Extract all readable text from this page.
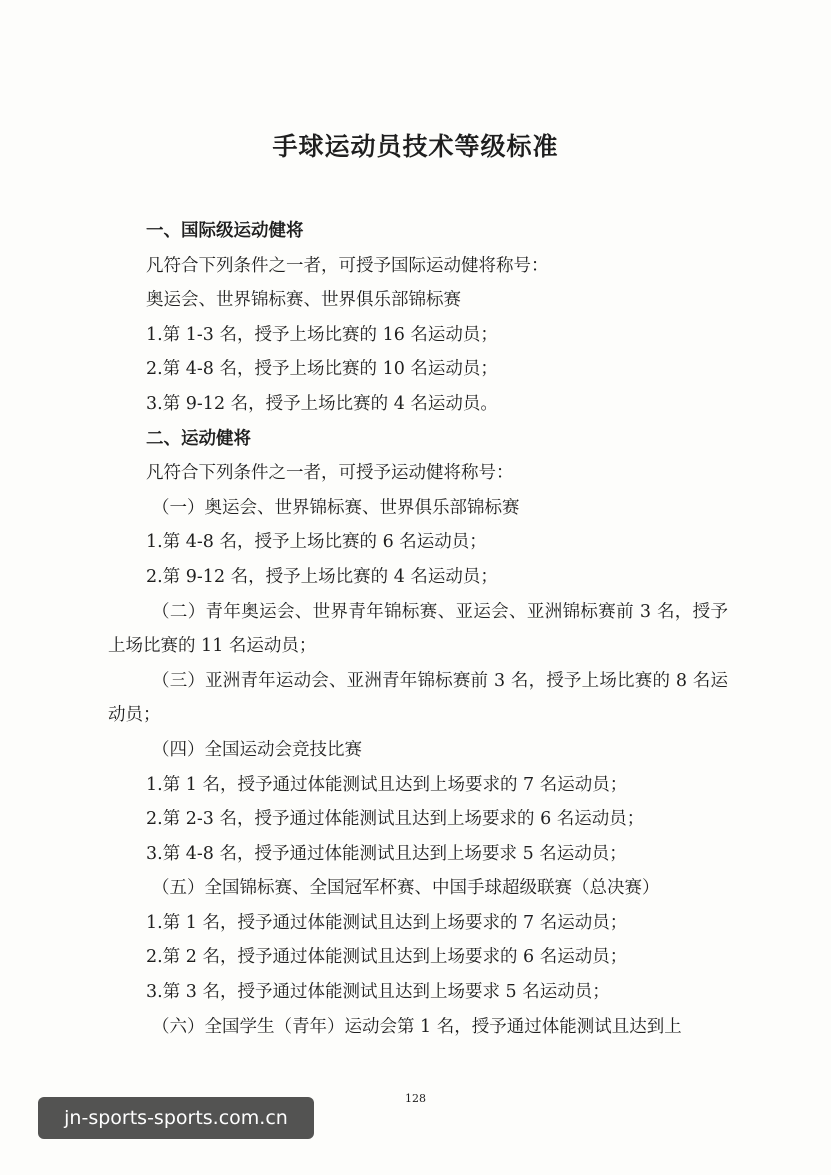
手球运动员技术等级标准

一、国际级运动健将

凡符合下列条件之一者，可授予国际运动健将称号：

奥运会、世界锦标赛、世界俱乐部锦标赛

1.第 1-3 名，授予上场比赛的 16 名运动员；

2.第 4-8 名，授予上场比赛的 10 名运动员；

3.第 9-12 名，授予上场比赛的 4 名运动员。

二、运动健将

凡符合下列条件之一者，可授予运动健将称号：

（一）奥运会、世界锦标赛、世界俱乐部锦标赛

1.第 4-8 名，授予上场比赛的 6 名运动员；

2.第 9-12 名，授予上场比赛的 4 名运动员；

（二）青年奥运会、世界青年锦标赛、亚运会、亚洲锦标赛前 3 名，授予上场比赛的 11 名运动员；

（三）亚洲青年运动会、亚洲青年锦标赛前 3 名，授予上场比赛的 8 名运动员；

（四）全国运动会竞技比赛

1.第 1 名，授予通过体能测试且达到上场要求的 7 名运动员；

2.第 2-3 名，授予通过体能测试且达到上场要求的 6 名运动员；

3.第 4-8 名，授予通过体能测试且达到上场要求 5 名运动员；

（五）全国锦标赛、全国冠军杯赛、中国手球超级联赛（总决赛）

1.第 1 名，授予通过体能测试且达到上场要求的 7 名运动员；

2.第 2 名，授予通过体能测试且达到上场要求的 6 名运动员；

3.第 3 名，授予通过体能测试且达到上场要求 5 名运动员；

（六）全国学生（青年）运动会第 1 名，授予通过体能测试且达到上

128
jn-sports-sports.com.cn
